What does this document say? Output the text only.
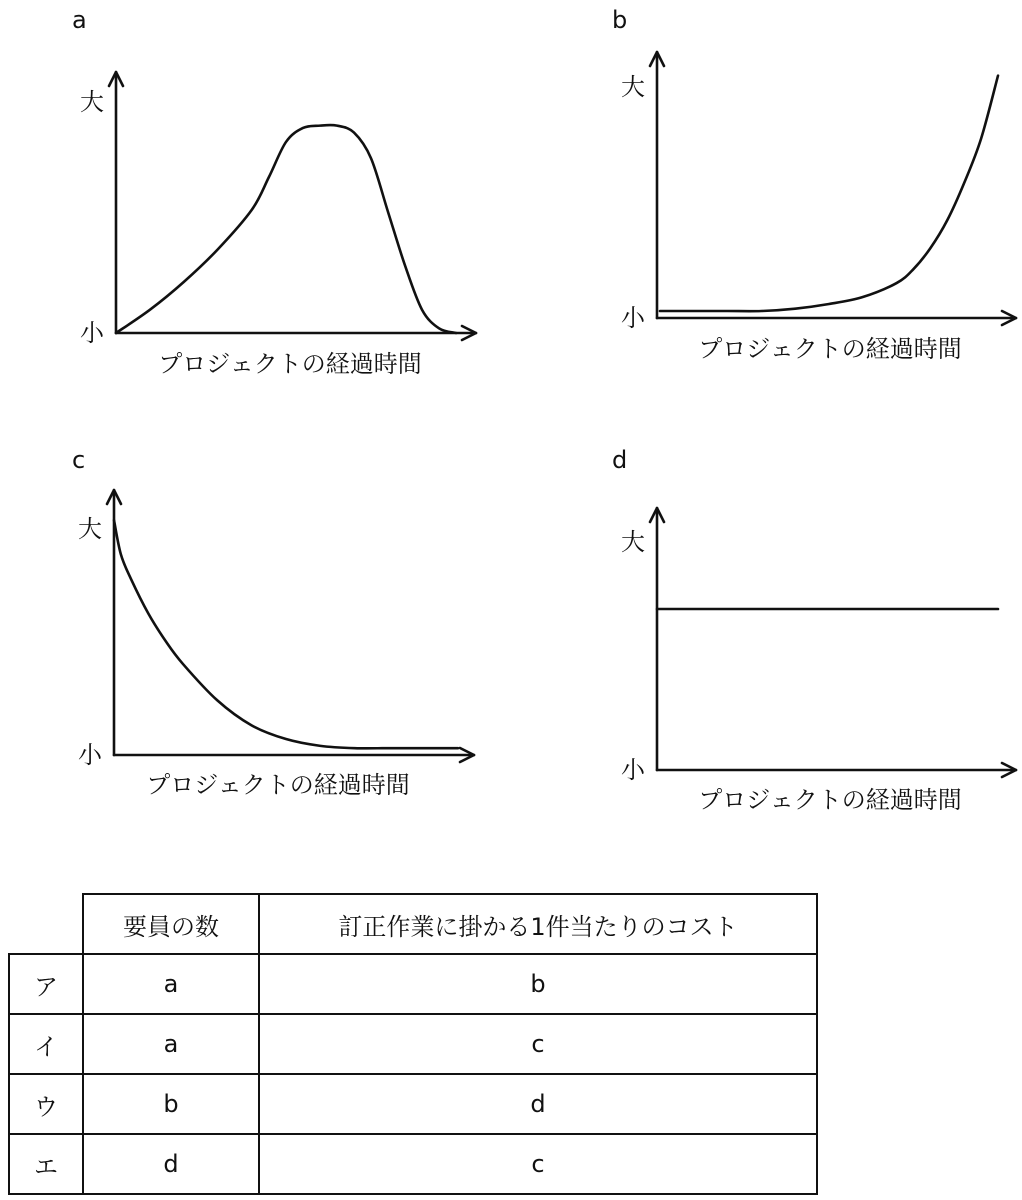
a
大
小
プロジェクトの経過時間
b
大
小
プロジェクトの経過時間
c
大
小
プロジェクトの経過時間
d
大
小
プロジェクトの経過時間
	要員の数	訂正作業に掛かる1件当たりのコスト
ア	a	b
イ	a	c
ウ	b	d
エ	d	c
